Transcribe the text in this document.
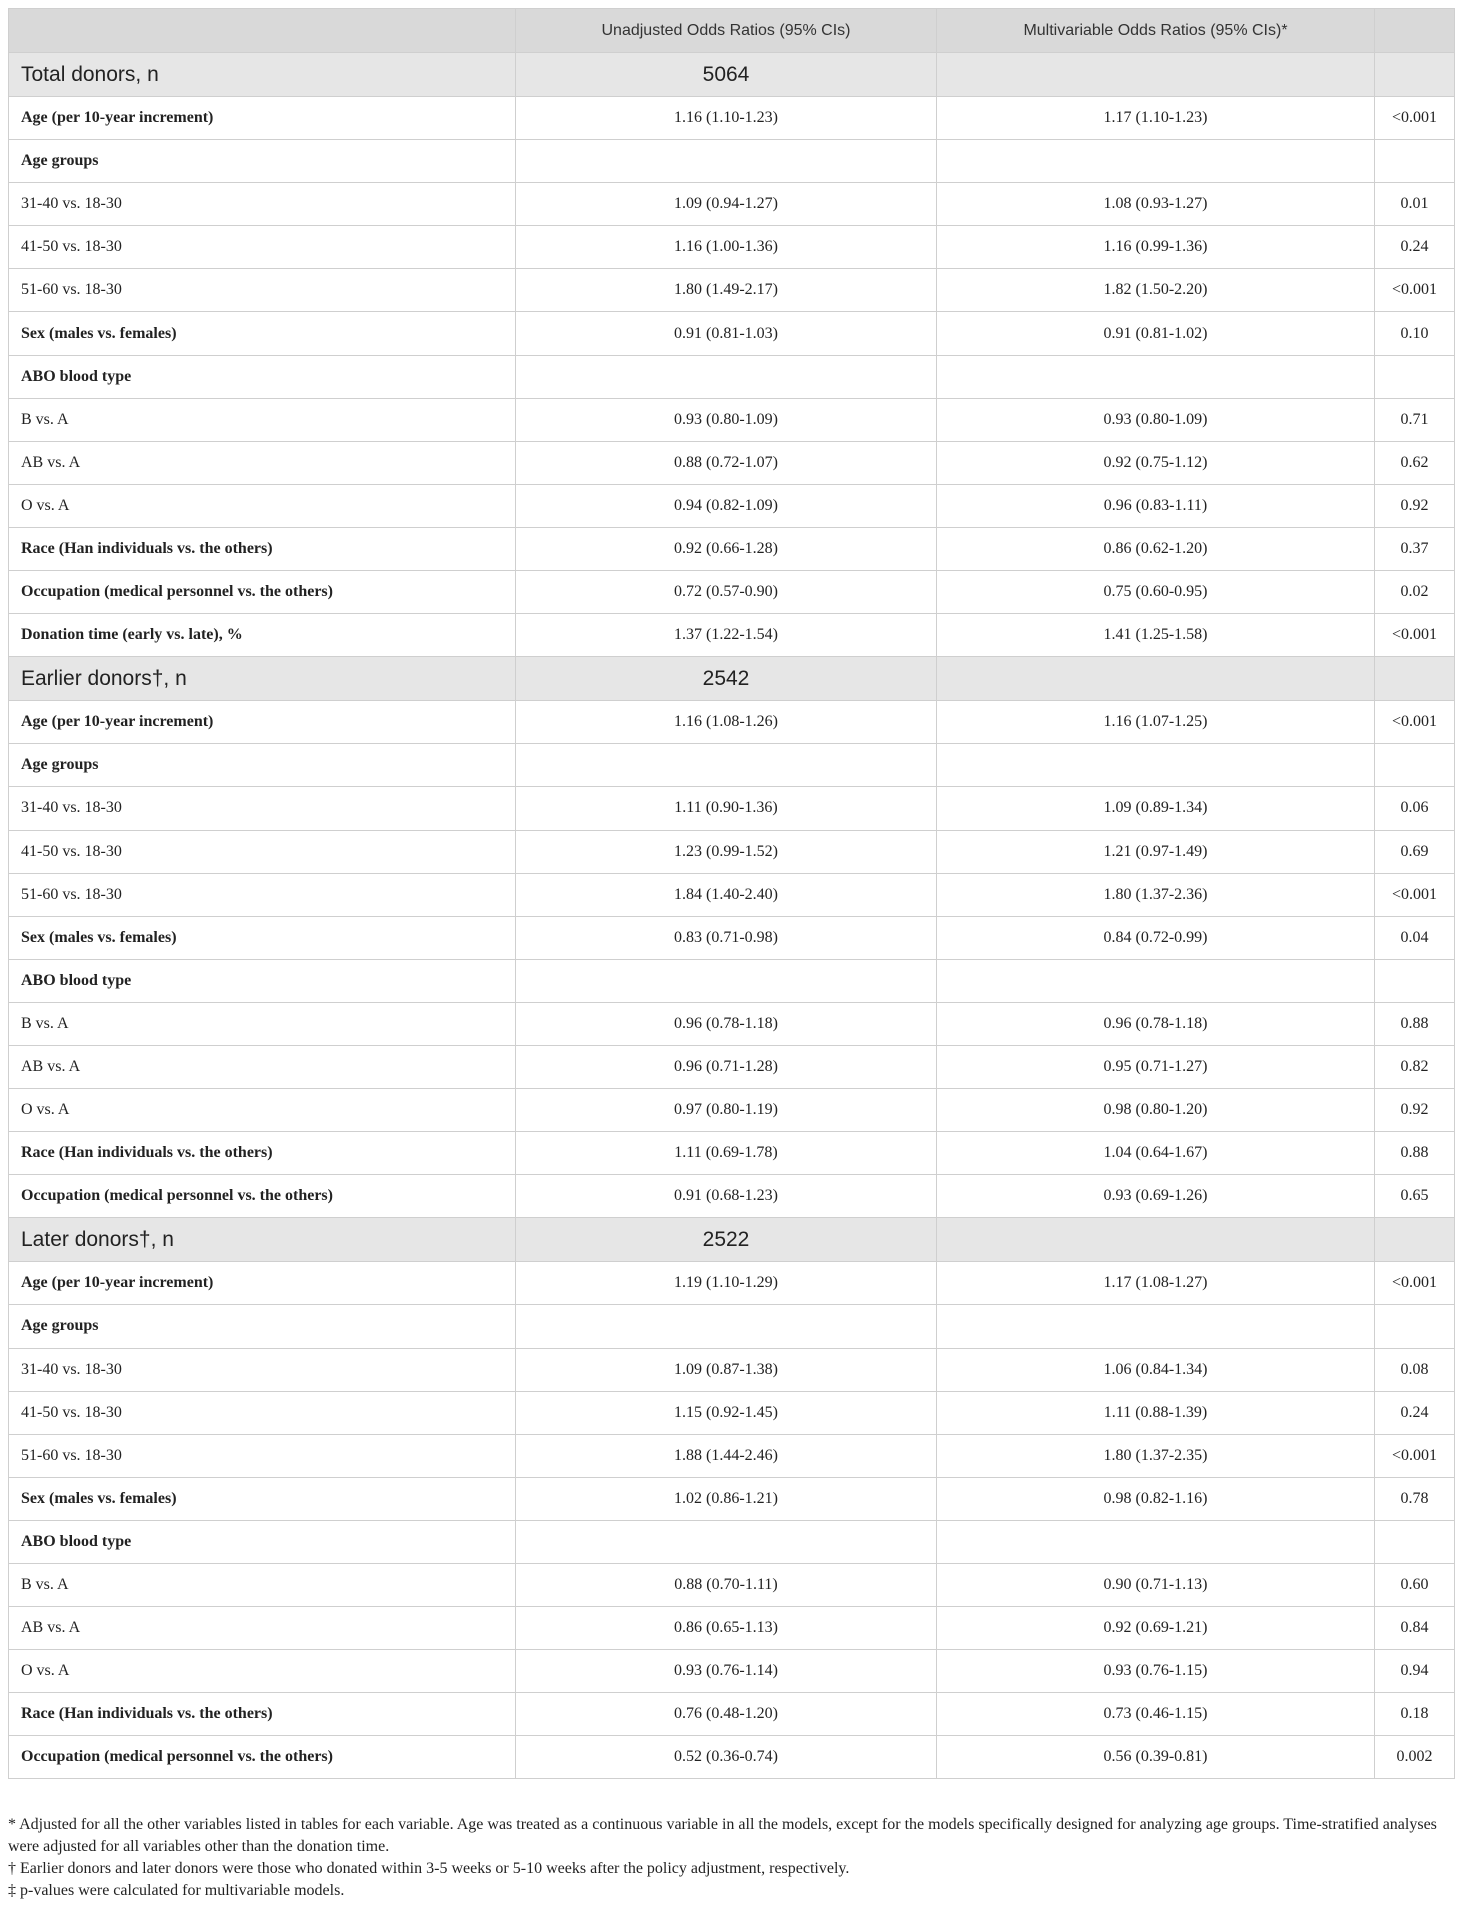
	Unadjusted Odds Ratios (95% CIs)	Multivariable Odds Ratios (95% CIs)*	
Total donors, n	5064		
Age (per 10-year increment)	1.16 (1.10-1.23)	1.17 (1.10-1.23)	<0.001
Age groups			
31-40 vs. 18-30	1.09 (0.94-1.27)	1.08 (0.93-1.27)	0.01
41-50 vs. 18-30	1.16 (1.00-1.36)	1.16 (0.99-1.36)	0.24
51-60 vs. 18-30	1.80 (1.49-2.17)	1.82 (1.50-2.20)	<0.001
Sex (males vs. females)	0.91 (0.81-1.03)	0.91 (0.81-1.02)	0.10
ABO blood type			
B vs. A	0.93 (0.80-1.09)	0.93 (0.80-1.09)	0.71
AB vs. A	0.88 (0.72-1.07)	0.92 (0.75-1.12)	0.62
O vs. A	0.94 (0.82-1.09)	0.96 (0.83-1.11)	0.92
Race (Han individuals vs. the others)	0.92 (0.66-1.28)	0.86 (0.62-1.20)	0.37
Occupation (medical personnel vs. the others)	0.72 (0.57-0.90)	0.75 (0.60-0.95)	0.02
Donation time (early vs. late), %	1.37 (1.22-1.54)	1.41 (1.25-1.58)	<0.001
Earlier donors†, n	2542		
Age (per 10-year increment)	1.16 (1.08-1.26)	1.16 (1.07-1.25)	<0.001
Age groups			
31-40 vs. 18-30	1.11 (0.90-1.36)	1.09 (0.89-1.34)	0.06
41-50 vs. 18-30	1.23 (0.99-1.52)	1.21 (0.97-1.49)	0.69
51-60 vs. 18-30	1.84 (1.40-2.40)	1.80 (1.37-2.36)	<0.001
Sex (males vs. females)	0.83 (0.71-0.98)	0.84 (0.72-0.99)	0.04
ABO blood type			
B vs. A	0.96 (0.78-1.18)	0.96 (0.78-1.18)	0.88
AB vs. A	0.96 (0.71-1.28)	0.95 (0.71-1.27)	0.82
O vs. A	0.97 (0.80-1.19)	0.98 (0.80-1.20)	0.92
Race (Han individuals vs. the others)	1.11 (0.69-1.78)	1.04 (0.64-1.67)	0.88
Occupation (medical personnel vs. the others)	0.91 (0.68-1.23)	0.93 (0.69-1.26)	0.65
Later donors†, n	2522		
Age (per 10-year increment)	1.19 (1.10-1.29)	1.17 (1.08-1.27)	<0.001
Age groups			
31-40 vs. 18-30	1.09 (0.87-1.38)	1.06 (0.84-1.34)	0.08
41-50 vs. 18-30	1.15 (0.92-1.45)	1.11 (0.88-1.39)	0.24
51-60 vs. 18-30	1.88 (1.44-2.46)	1.80 (1.37-2.35)	<0.001
Sex (males vs. females)	1.02 (0.86-1.21)	0.98 (0.82-1.16)	0.78
ABO blood type			
B vs. A	0.88 (0.70-1.11)	0.90 (0.71-1.13)	0.60
AB vs. A	0.86 (0.65-1.13)	0.92 (0.69-1.21)	0.84
O vs. A	0.93 (0.76-1.14)	0.93 (0.76-1.15)	0.94
Race (Han individuals vs. the others)	0.76 (0.48-1.20)	0.73 (0.46-1.15)	0.18
Occupation (medical personnel vs. the others)	0.52 (0.36-0.74)	0.56 (0.39-0.81)	0.002

* Adjusted for all the other variables listed in tables for each variable. Age was treated as a continuous variable in all the models, except for the models specifically designed for analyzing age groups. Time-stratified analyses were adjusted for all variables other than the donation time.

† Earlier donors and later donors were those who donated within 3-5 weeks or 5-10 weeks after the policy adjustment, respectively.

‡ p-values were calculated for multivariable models.
